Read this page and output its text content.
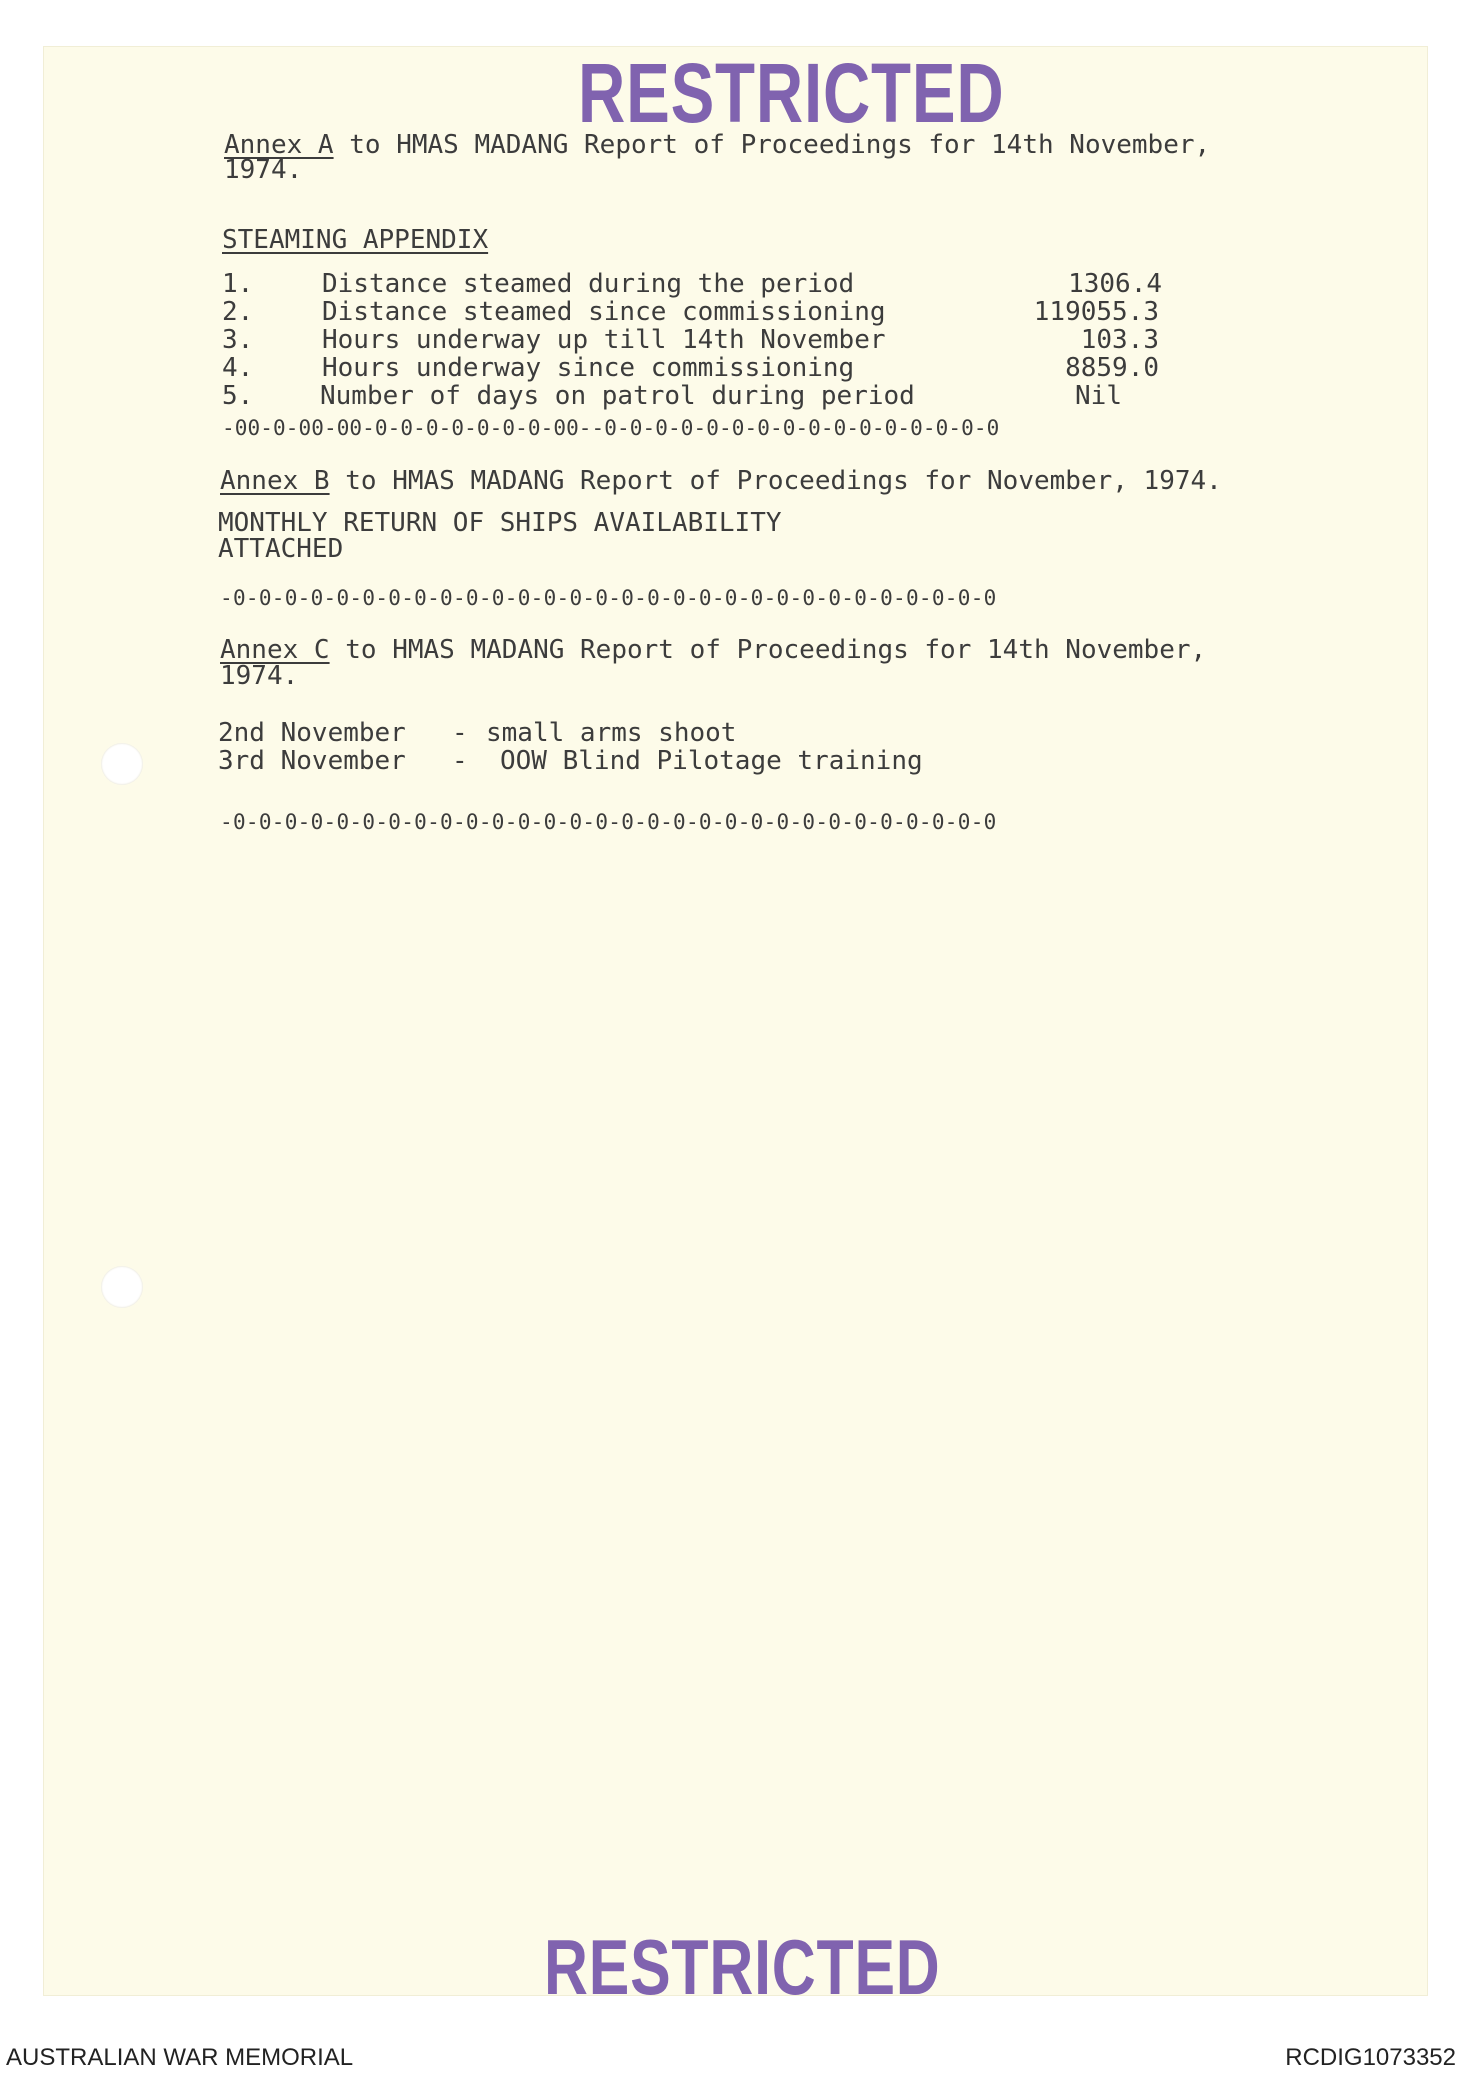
RESTRICTED
Annex A to HMAS MADANG Report of Proceedings for 14th November,
1974.
STEAMING APPENDIX
1.	Distance steamed during the period	1306.4
2.	Distance steamed since commissioning	119055.3
3.	Hours underway up till 14th November	103.3
4.	Hours underway since commissioning	8859.0
5.	Number of days on patrol during period	Nil
-00-0-00-00-0-0-0-0-0-0-0-00--0-0-0-0-0-0-0-0-0-0-0-0-0-0-0-0
Annex B to HMAS MADANG Report of Proceedings for November, 1974.
MONTHLY RETURN OF SHIPS AVAILABILITY
ATTACHED
-0-0-0-0-0-0-0-0-0-0-0-0-0-0-0-0-0-0-0-0-0-0-0-0-0-0-0-0-0-0
Annex C to HMAS MADANG Report of Proceedings for 14th November,
1974.
2nd November - small arms shoot
3rd November - OOW Blind Pilotage training
-0-0-0-0-0-0-0-0-0-0-0-0-0-0-0-0-0-0-0-0-0-0-0-0-0-0-0-0-0-0
RESTRICTED
AUSTRALIAN WAR MEMORIAL	RCDIG1073352
